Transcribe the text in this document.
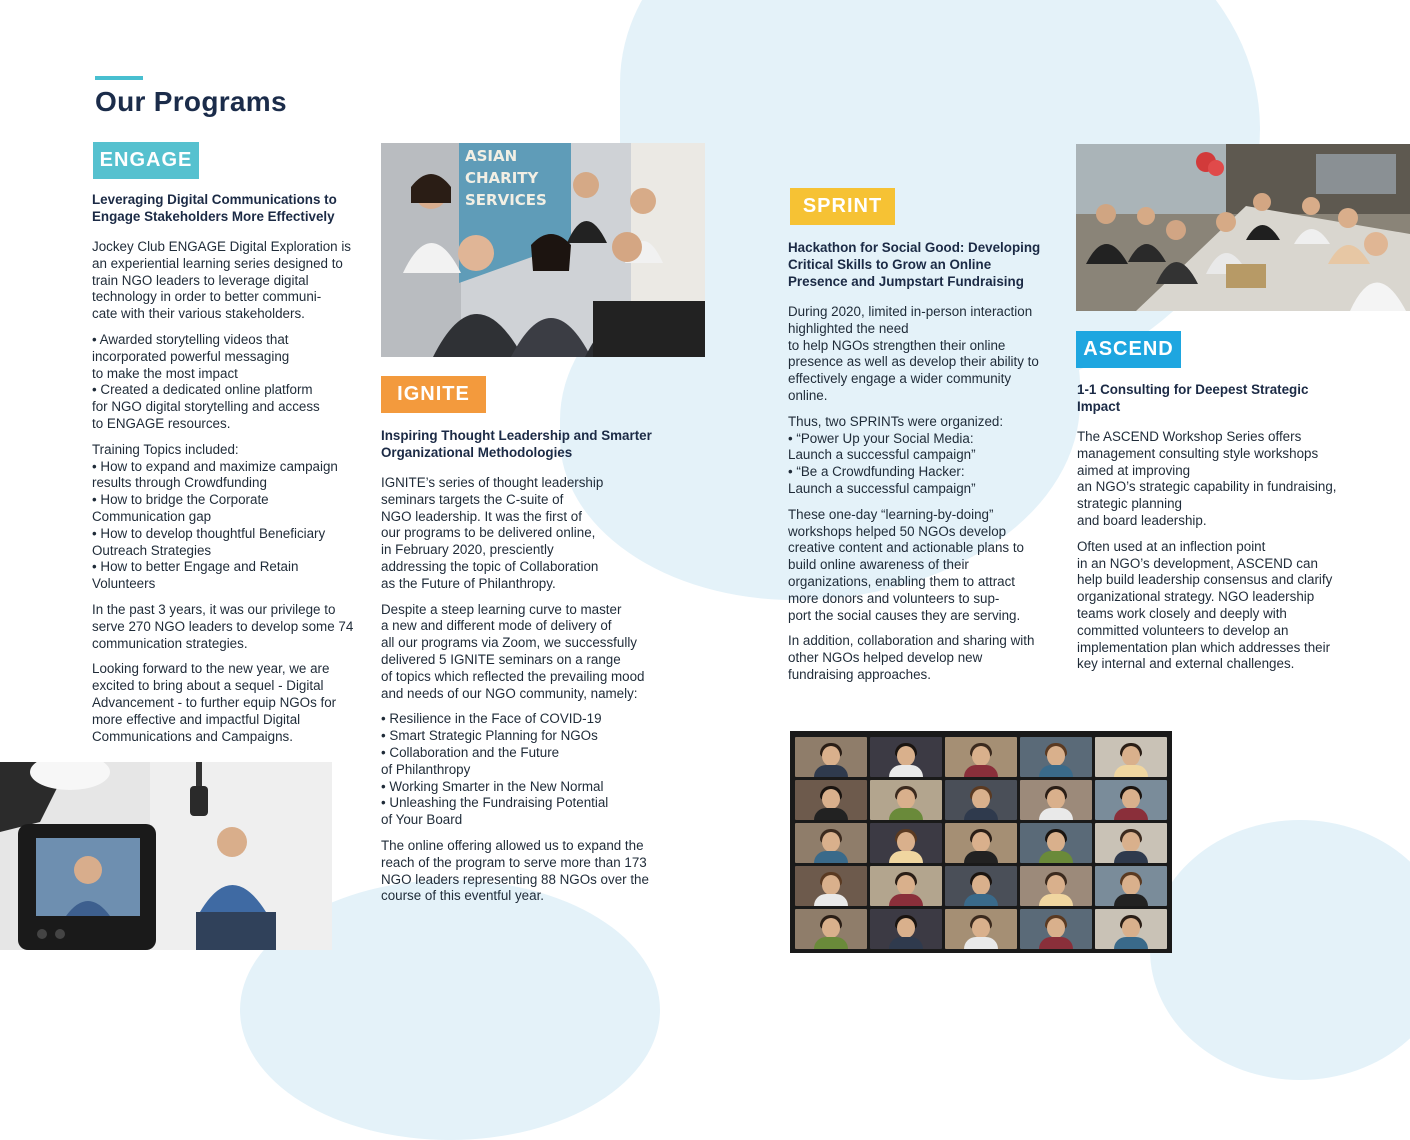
Our Programs
ENGAGE
Leveraging Digital Communications to Engage Stakeholders More Effectively

Jockey Club ENGAGE Digital Exploration is an experiential learning series designed to train NGO leaders to leverage digital technology in order to better communi-
cate with their various stakeholders.

• Awarded storytelling videos that incorporated powerful messaging
to make the most impact
• Created a dedicated online platform
for NGO digital storytelling and access
to ENGAGE resources.

Training Topics included:
• How to expand and maximize campaign results through Crowdfunding
• How to bridge the Corporate Communication gap
• How to develop thoughtful Beneficiary Outreach Strategies
• How to better Engage and Retain Volunteers

In the past 3 years, it was our privilege to serve 270 NGO leaders to develop some 74 communication strategies.

Looking forward to the new year, we are excited to bring about a sequel - Digital Advancement - to further equip NGOs for more effective and impactful Digital Communications and Campaigns.

ASIAN
CHARITY
SERVICES
IGNITE
Inspiring Thought Leadership and Smarter Organizational Methodologies

IGNITE’s series of thought leadership seminars targets the C-suite of
NGO leadership. It was the first of
our programs to be delivered online,
in February 2020, presciently
addressing the topic of Collaboration
as the Future of Philanthropy.

Despite a steep learning curve to master
a new and different mode of delivery of
all our programs via Zoom, we successfully delivered 5 IGNITE seminars on a range
of topics which reflected the prevailing mood and needs of our NGO community, namely:

• Resilience in the Face of COVID-19
• Smart Strategic Planning for NGOs
• Collaboration and the Future
of Philanthropy
• Working Smarter in the New Normal
• Unleashing the Fundraising Potential
of Your Board

The online offering allowed us to expand the reach of the program to serve more than 173 NGO leaders representing 88 NGOs over the course of this eventful year.

SPRINT
Hackathon for Social Good: Developing Critical Skills to Grow an Online Presence and Jumpstart Fundraising

During 2020, limited in-person interaction highlighted the need
to help NGOs strengthen their online presence as well as develop their ability to effectively engage a wider community online.

Thus, two SPRINTs were organized:
• “Power Up your Social Media:
Launch a successful campaign”
• “Be a Crowdfunding Hacker:
Launch a successful campaign”

These one-day “learning-by-doing” workshops helped 50 NGOs develop creative content and actionable plans to build online awareness of their organizations, enabling them to attract more donors and volunteers to sup-
port the social causes they are serving.

In addition, collaboration and sharing with other NGOs helped develop new fundraising approaches.

ASCEND
1-1 Consulting for Deepest Strategic Impact

The ASCEND Workshop Series offers management consulting style workshops aimed at improving
an NGO’s strategic capability in fundraising, strategic planning
and board leadership.

Often used at an inflection point
in an NGO’s development, ASCEND can help build leadership consensus and clarify organizational strategy. NGO leadership teams work closely and deeply with committed volunteers to develop an implementation plan which addresses their key internal and external challenges.
